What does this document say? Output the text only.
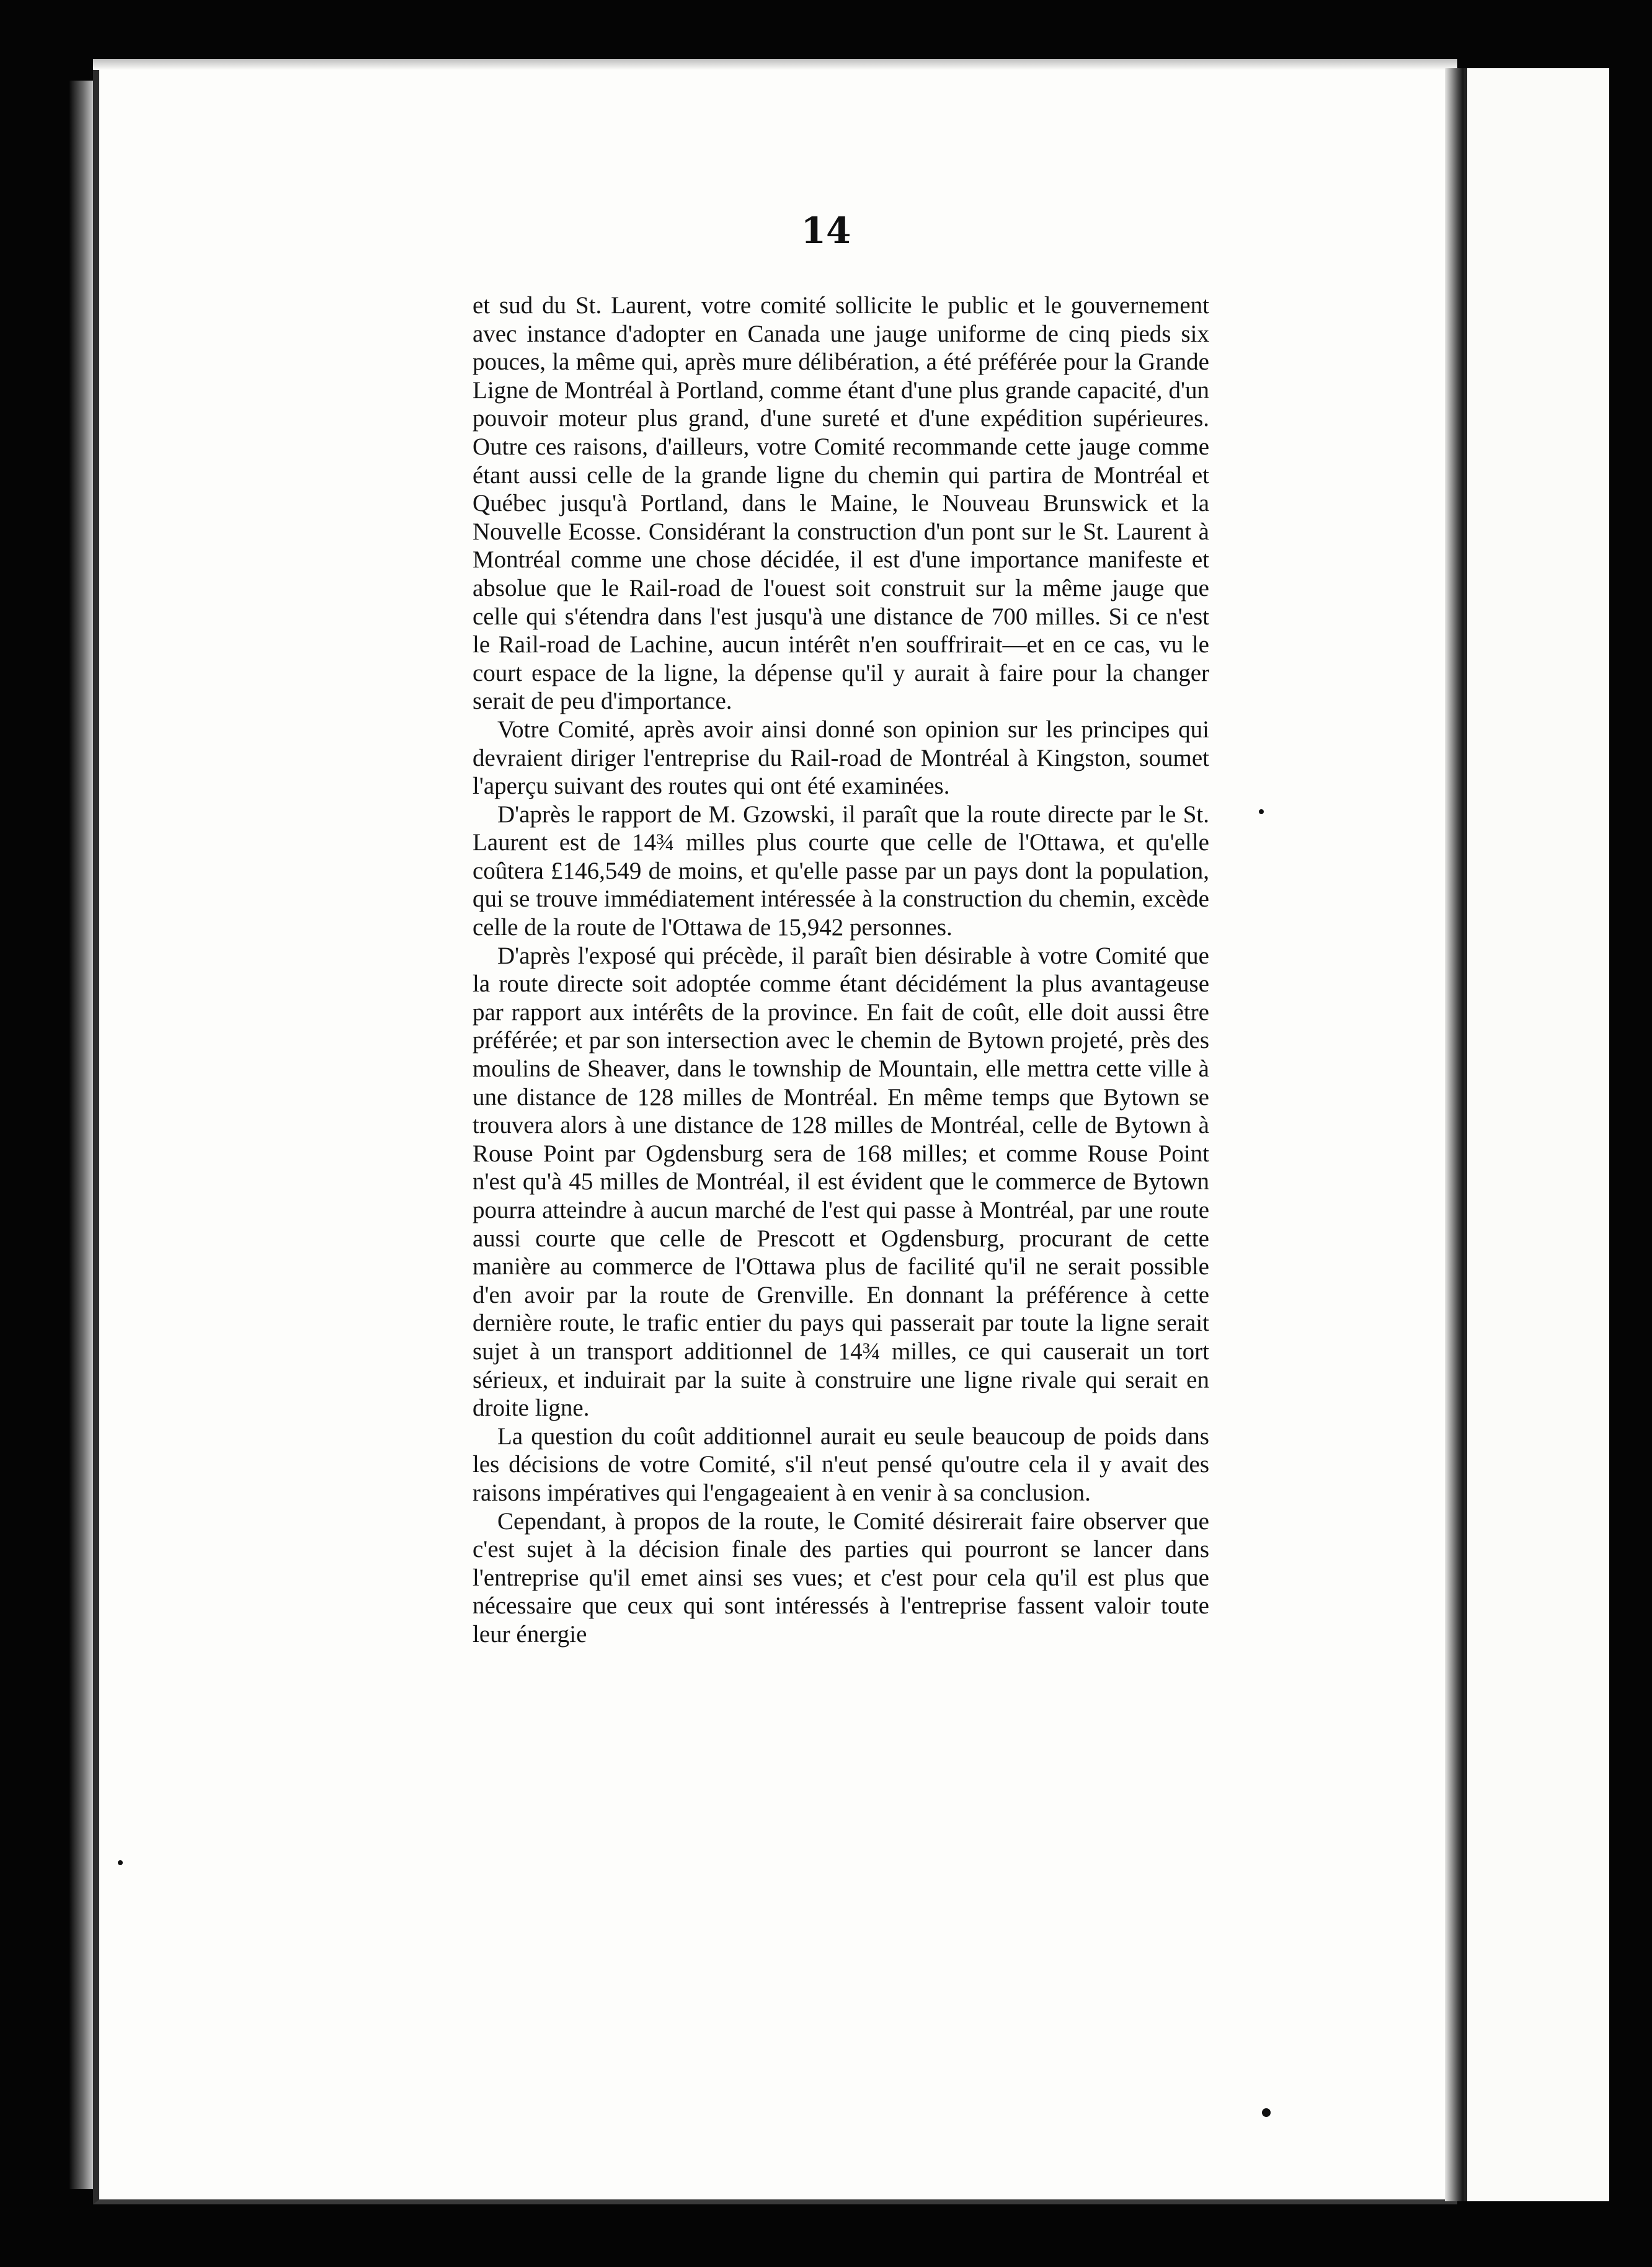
14

et sud du St. Laurent, votre comité sollicite le public et le gouvernement avec instance d'adopter en Canada une jauge uniforme de cinq pieds six pouces, la même qui, après mure délibération, a été préférée pour la Grande Ligne de Montréal à Portland, comme étant d'une plus grande capacité, d'un pouvoir moteur plus grand, d'une sureté et d'une expédition supérieures. Outre ces raisons, d'ailleurs, votre Comité recommande cette jauge comme étant aussi celle de la grande ligne du chemin qui partira de Montréal et Québec jusqu'à Portland, dans le Maine, le Nouveau Brunswick et la Nouvelle Ecosse. Considérant la construction d'un pont sur le St. Laurent à Montréal comme une chose décidée, il est d'une importance manifeste et absolue que le Rail-road de l'ouest soit construit sur la même jauge que celle qui s'étendra dans l'est jusqu'à une distance de 700 milles. Si ce n'est le Rail-road de Lachine, aucun intérêt n'en souffrirait—et en ce cas, vu le court espace de la ligne, la dépense qu'il y aurait à faire pour la changer serait de peu d'importance.

Votre Comité, après avoir ainsi donné son opinion sur les principes qui devraient diriger l'entreprise du Rail-road de Montréal à Kingston, soumet l'aperçu suivant des routes qui ont été examinées.

D'après le rapport de M. Gzowski, il paraît que la route directe par le St. Laurent est de 14¾ milles plus courte que celle de l'Ottawa, et qu'elle coûtera £146,549 de moins, et qu'elle passe par un pays dont la population, qui se trouve immédiatement intéressée à la construction du chemin, excède celle de la route de l'Ottawa de 15,942 personnes.

D'après l'exposé qui précède, il paraît bien désirable à votre Comité que la route directe soit adoptée comme étant décidément la plus avantageuse par rapport aux intérêts de la province. En fait de coût, elle doit aussi être préférée; et par son intersection avec le chemin de Bytown projeté, près des moulins de Sheaver, dans le township de Mountain, elle mettra cette ville à une distance de 128 milles de Montréal. En même temps que Bytown se trouvera alors à une distance de 128 milles de Montréal, celle de Bytown à Rouse Point par Ogdensburg sera de 168 milles; et comme Rouse Point n'est qu'à 45 milles de Montréal, il est évident que le commerce de Bytown pourra atteindre à aucun marché de l'est qui passe à Montréal, par une route aussi courte que celle de Prescott et Ogdensburg, procurant de cette manière au commerce de l'Ottawa plus de facilité qu'il ne serait possible d'en avoir par la route de Grenville. En donnant la préférence à cette dernière route, le trafic entier du pays qui passerait par toute la ligne serait sujet à un transport additionnel de 14¾ milles, ce qui causerait un tort sérieux, et induirait par la suite à construire une ligne rivale qui serait en droite ligne.

La question du coût additionnel aurait eu seule beaucoup de poids dans les décisions de votre Comité, s'il n'eut pensé qu'outre cela il y avait des raisons impératives qui l'engageaient à en venir à sa conclusion.

Cependant, à propos de la route, le Comité désirerait faire observer que c'est sujet à la décision finale des parties qui pourront se lancer dans l'entreprise qu'il emet ainsi ses vues; et c'est pour cela qu'il est plus que nécessaire que ceux qui sont intéressés à l'entreprise fassent valoir toute leur énergie
